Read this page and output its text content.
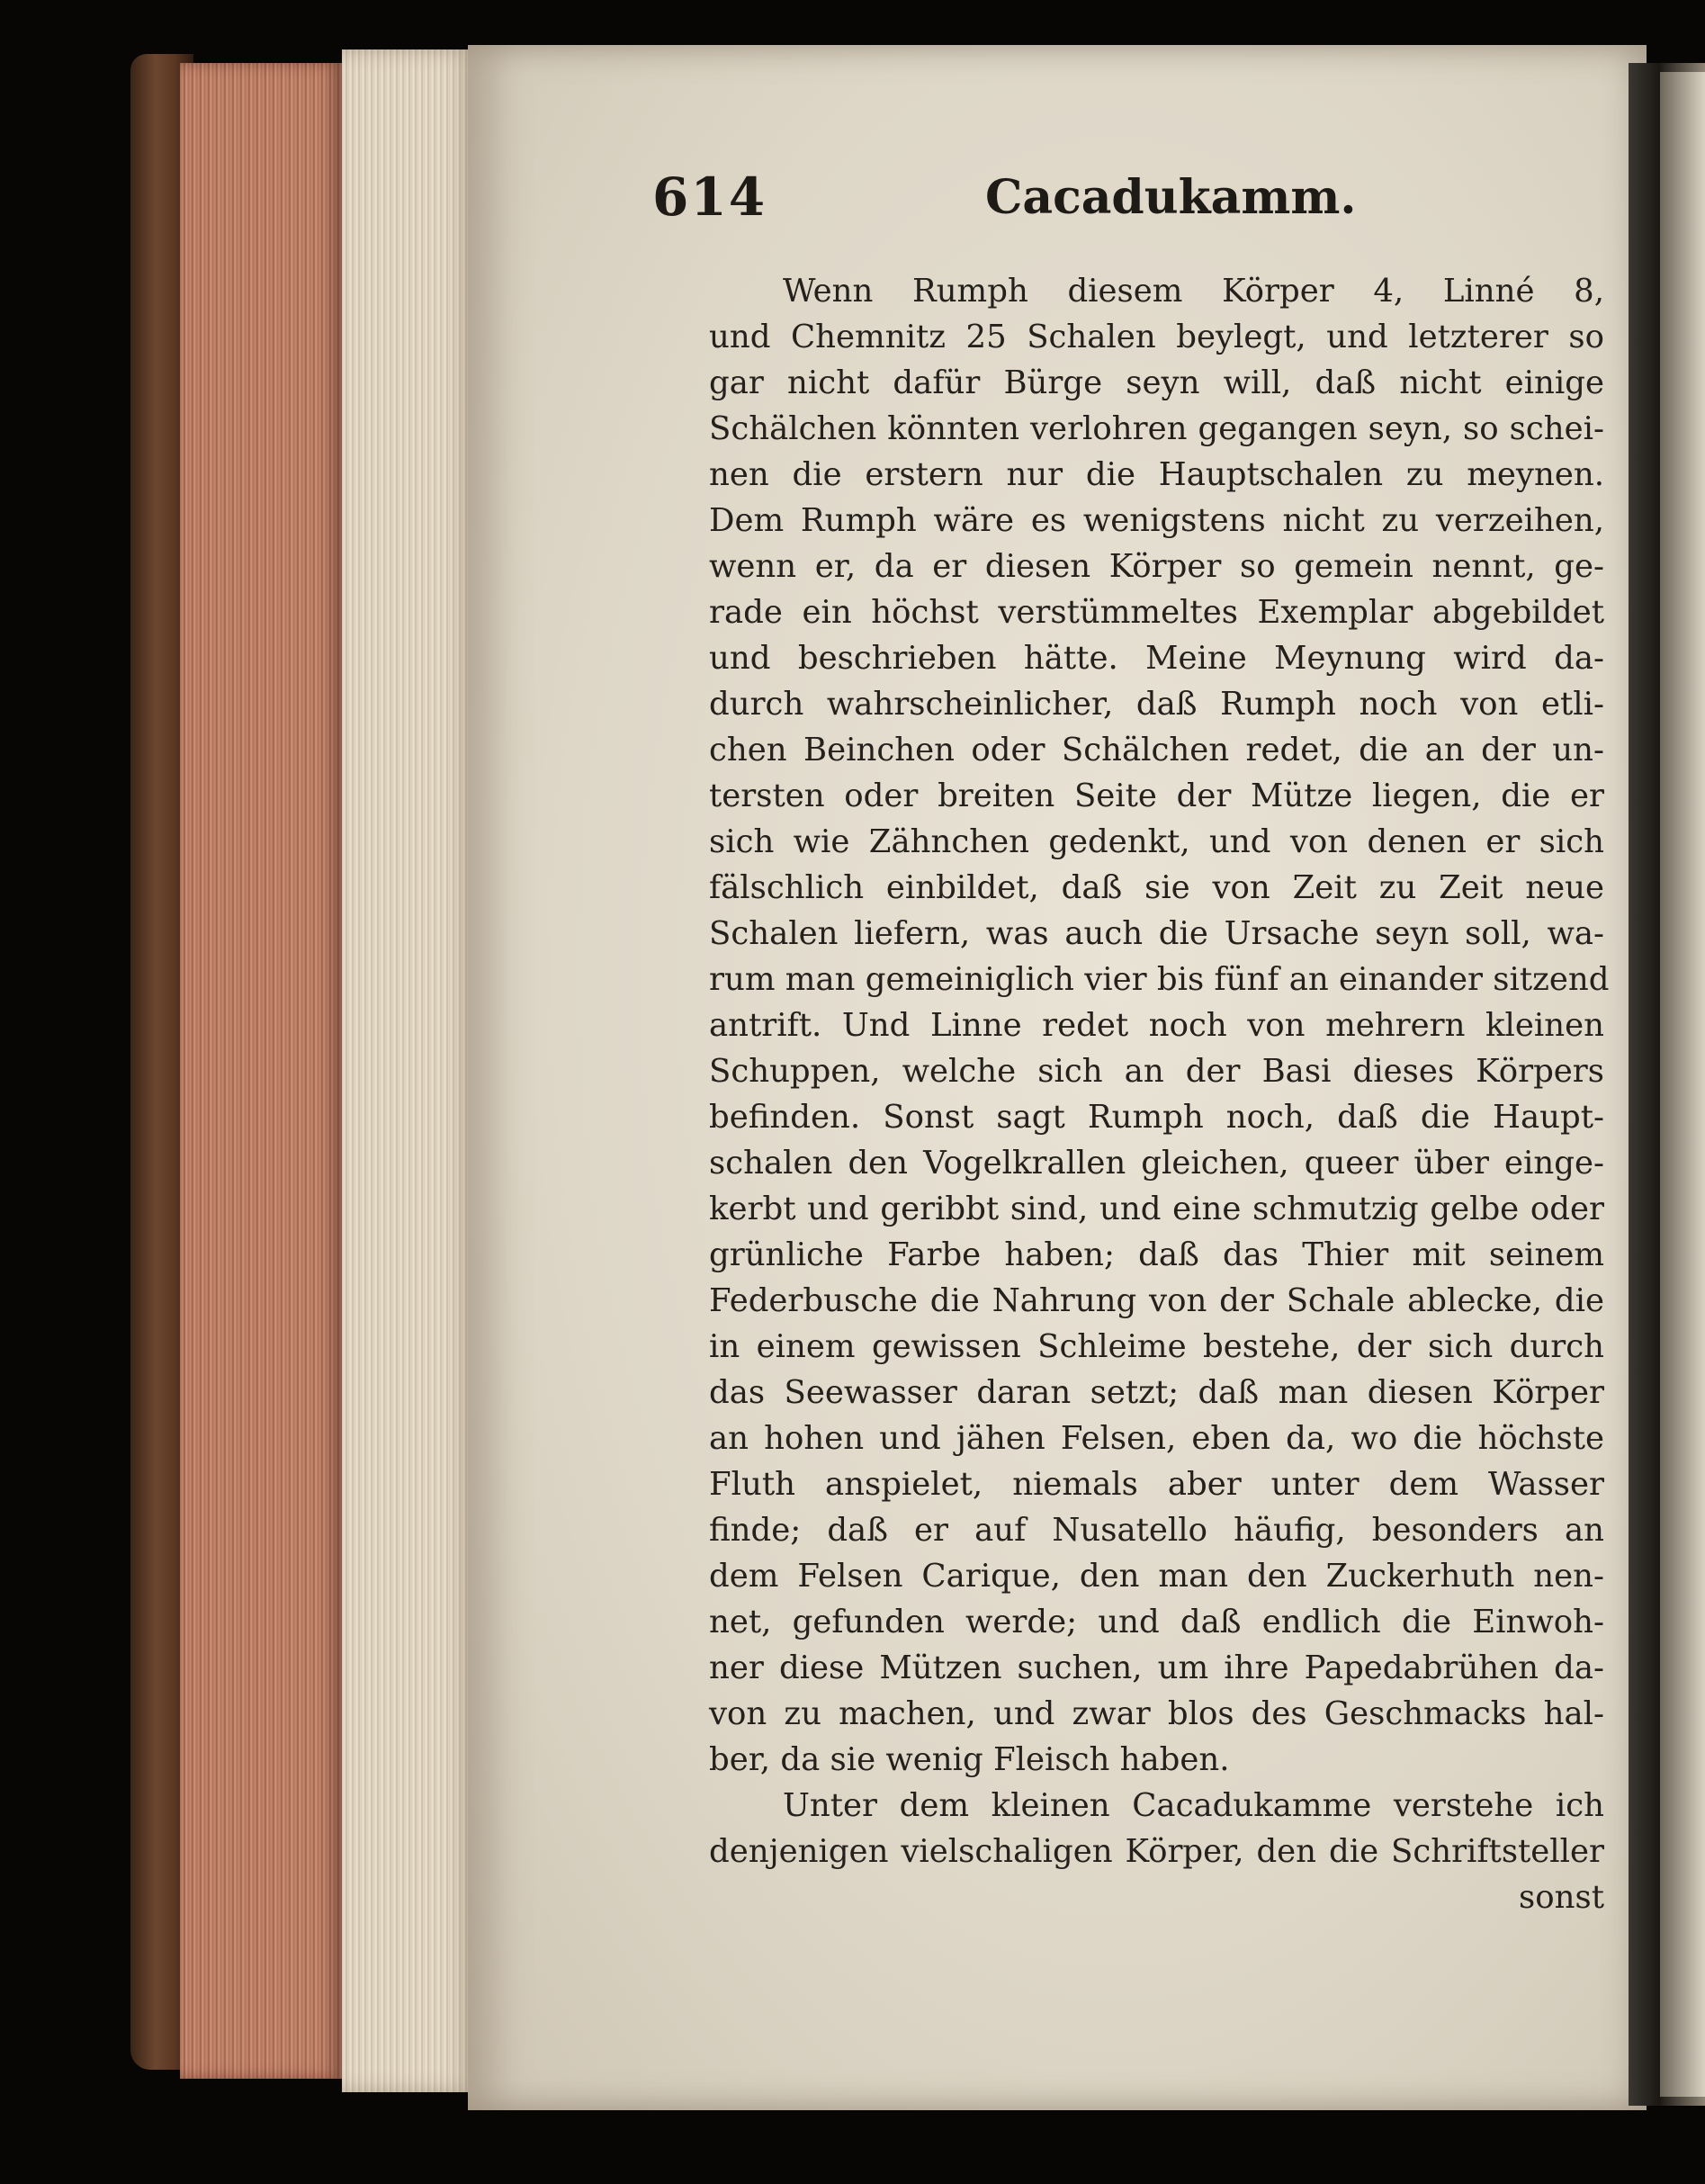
614	Cacadukamm.
Wenn Rumph diesem Körper 4, Linné 8,
und Chemnitz 25 Schalen beylegt, und letzterer so
gar nicht dafür Bürge seyn will, daß nicht einige
Schälchen könnten verlohren gegangen seyn, so schei-
nen die erstern nur die Hauptschalen zu meynen.
Dem Rumph wäre es wenigstens nicht zu verzeihen,
wenn er, da er diesen Körper so gemein nennt, ge-
rade ein höchst verstümmeltes Exemplar abgebildet
und beschrieben hätte. Meine Meynung wird da-
durch wahrscheinlicher, daß Rumph noch von etli-
chen Beinchen oder Schälchen redet, die an der un-
tersten oder breiten Seite der Mütze liegen, die er
sich wie Zähnchen gedenkt, und von denen er sich
fälschlich einbildet, daß sie von Zeit zu Zeit neue
Schalen liefern, was auch die Ursache seyn soll, wa-
rum man gemeiniglich vier bis fünf an einander sitzend
antrift. Und Linne redet noch von mehrern kleinen
Schuppen, welche sich an der Basi dieses Körpers
befinden. Sonst sagt Rumph noch, daß die Haupt-
schalen den Vogelkrallen gleichen, queer über einge-
kerbt und geribbt sind, und eine schmutzig gelbe oder
grünliche Farbe haben; daß das Thier mit seinem
Federbusche die Nahrung von der Schale ablecke, die
in einem gewissen Schleime bestehe, der sich durch
das Seewasser daran setzt; daß man diesen Körper
an hohen und jähen Felsen, eben da, wo die höchste
Fluth anspielet, niemals aber unter dem Wasser
finde; daß er auf Nusatello häufig, besonders an
dem Felsen Carique, den man den Zuckerhuth nen-
net, gefunden werde; und daß endlich die Einwoh-
ner diese Mützen suchen, um ihre Papedabrühen da-
von zu machen, und zwar blos des Geschmacks hal-
ber, da sie wenig Fleisch haben.
Unter dem kleinen Cacadukamme verstehe ich
denjenigen vielschaligen Körper, den die Schriftsteller
sonst
